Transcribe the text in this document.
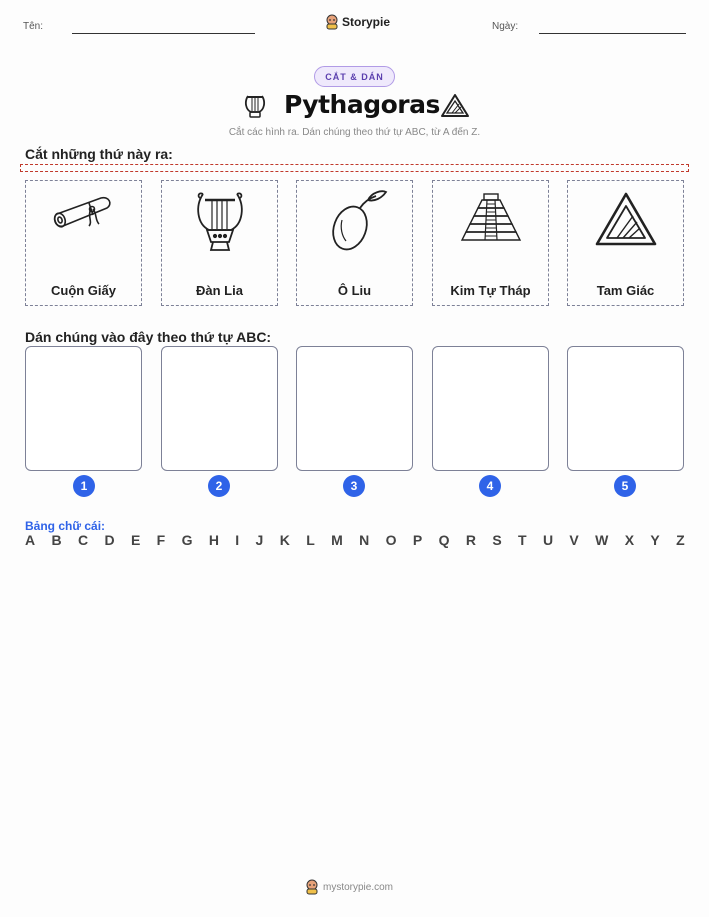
Tên:	Storypie	Ngày:
CẮT & DÁN
Pythagoras
Cắt các hình ra. Dán chúng theo thứ tự ABC, từ A đến Z.
Cắt những thứ này ra:
Cuộn Giấy	Đàn Lia	Ô Liu	Kim Tự Tháp	Tam Giác
Dán chúng vào đây theo thứ tự ABC:
1	2	3	4	5
Bảng chữ cái:
A B C D E F G H I J K L M N O P Q R S T U V W X Y Z
mystorypie.com
